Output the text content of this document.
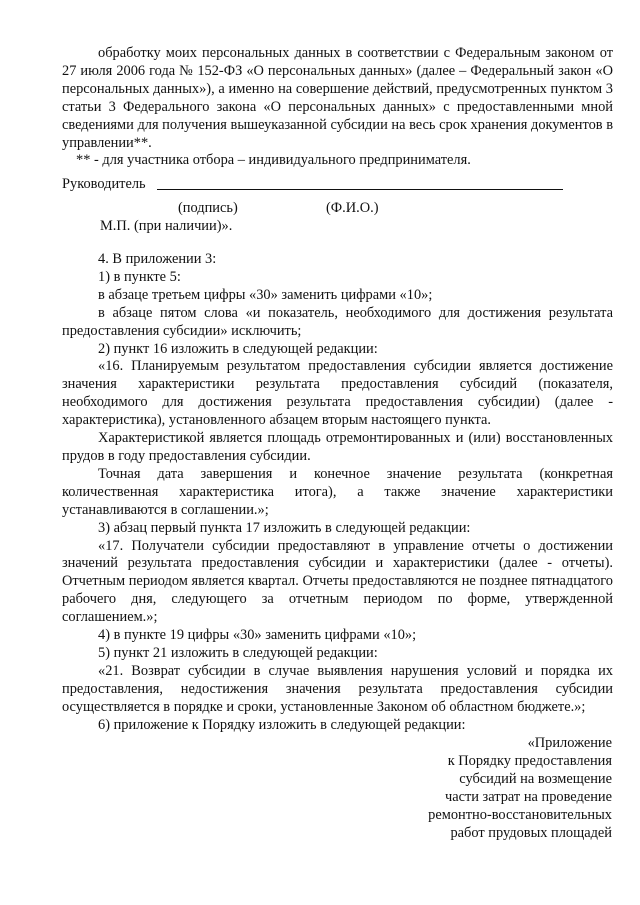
обработку моих персональных данных в соответствии с Федеральным законом от 27 июля 2006 года № 152-ФЗ «О персональных данных» (далее – Федеральный закон «О персональных данных»), а именно на совершение действий, предусмотренных пунктом 3 статьи 3 Федерального закона «О персональных данных» с предоставленными мной сведениями для получения вышеуказанной субсидии на весь срок хранения документов в управлении**.

** - для участника отбора – индивидуального предпринимателя.

Руководитель
(подпись)	(Ф.И.О.)
М.П. (при наличии)».

4. В приложении 3:

1) в пункте 5:

в абзаце третьем цифры «30» заменить цифрами «10»;

в абзаце пятом слова «и показатель, необходимого для достижения результата предоставления субсидии» исключить;

2) пункт 16 изложить в следующей редакции:

«16. Планируемым результатом предоставления субсидии является достижение значения характеристики результата предоставления субсидий (показателя, необходимого для достижения результата предоставления субсидии) (далее - характеристика), установленного абзацем вторым настоящего пункта.

Характеристикой является площадь отремонтированных и (или) восстановленных прудов в году предоставления субсидии.

Точная дата завершения и конечное значение результата (конкретная количественная характеристика итога), а также значение характеристики устанавливаются в соглашении.»;

3) абзац первый пункта 17 изложить в следующей редакции:

«17. Получатели субсидии предоставляют в управление отчеты о достижении значений результата предоставления субсидии и характеристики (далее - отчеты). Отчетным периодом является квартал. Отчеты предоставляются не позднее пятнадцатого рабочего дня, следующего за отчетным периодом по форме, утвержденной соглашением.»;

4) в пункте 19 цифры «30» заменить цифрами «10»;

5) пункт 21 изложить в следующей редакции:

«21. Возврат субсидии в случае выявления нарушения условий и порядка их предоставления, недостижения значения результата предоставления субсидии осуществляется в порядке и сроки, установленные Законом об областном бюджете.»;

6) приложение к Порядку изложить в следующей редакции:

«Приложение
к Порядку предоставления
субсидий на возмещение
части затрат на проведение
ремонтно-восстановительных
работ прудовых площадей
